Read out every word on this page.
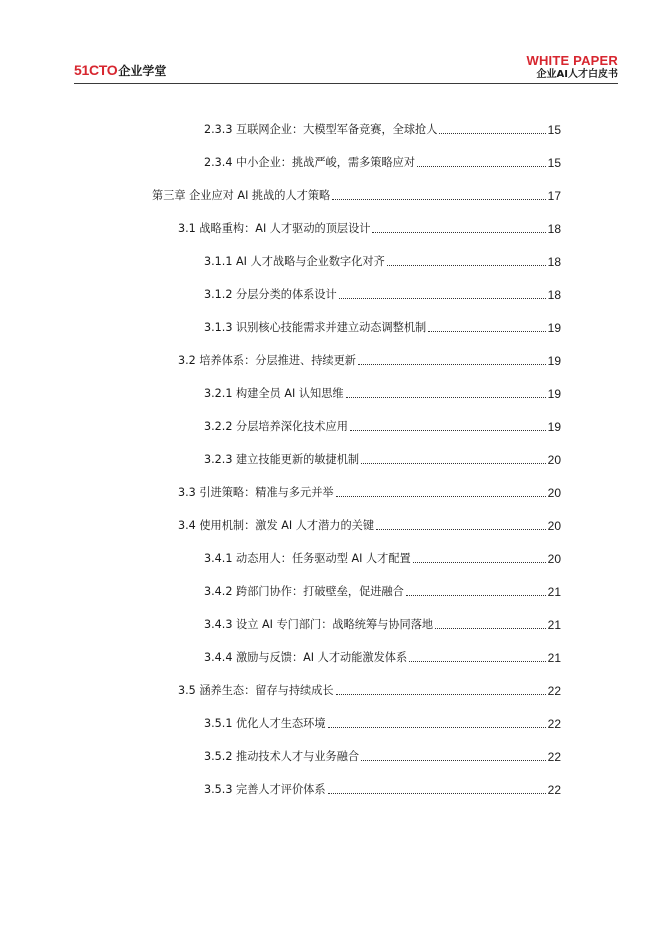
51CTO 企业学堂
WHITE PAPER
企业AI人才白皮书
2.3.3 互联网企业：大模型军备竞赛，全球抢人	15
2.3.4 中小企业：挑战严峻，需多策略应对	15
第三章 企业应对 AI 挑战的人才策略	17
3.1 战略重构：AI 人才驱动的顶层设计	18
3.1.1 AI 人才战略与企业数字化对齐	18
3.1.2 分层分类的体系设计	18
3.1.3 识别核心技能需求并建立动态调整机制	19
3.2 培养体系：分层推进、持续更新	19
3.2.1 构建全员 AI 认知思维	19
3.2.2 分层培养深化技术应用	19
3.2.3 建立技能更新的敏捷机制	20
3.3 引进策略：精准与多元并举	20
3.4 使用机制：激发 AI 人才潜力的关键	20
3.4.1 动态用人：任务驱动型 AI 人才配置	20
3.4.2 跨部门协作：打破壁垒，促进融合	21
3.4.3 设立 AI 专门部门：战略统筹与协同落地	21
3.4.4 激励与反馈：AI 人才动能激发体系	21
3.5 涵养生态：留存与持续成长	22
3.5.1 优化人才生态环境	22
3.5.2 推动技术人才与业务融合	22
3.5.3 完善人才评价体系	22
